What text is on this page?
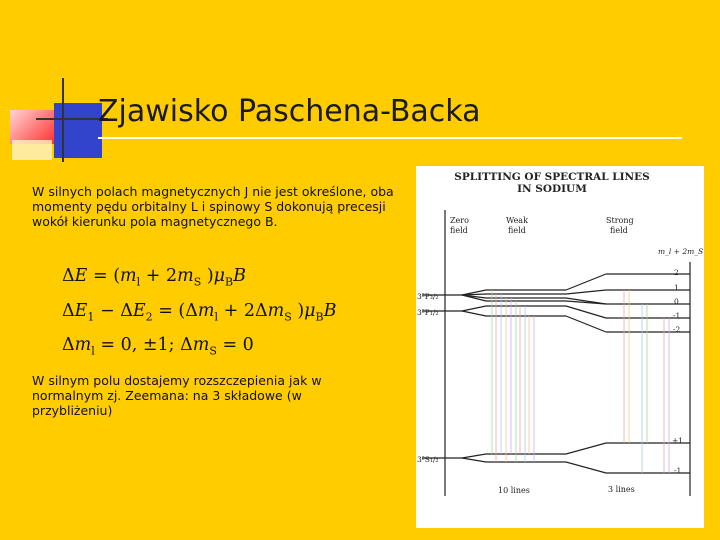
Zjawisko Paschena-Backa
W silnych polach magnetycznych J nie jest określone, oba momenty pędu orbitalny L i spinowy S dokonują precesji wokół kierunku pola magnetycznego B.
$\Delta E = (m_l + 2m_S$ )$\mu_BB$
$\Delta E_1 - \Delta E_2 = (\Delta m_l + 2\Delta m_S$ )$\mu_BB$
$\Delta m_l = 0$, ±1; $\Delta m_S = 0$
W silnym polu dostajemy rozszczepienia jak w normalnym zj. Zeemana: na 3 składowe (w przybliżeniu)
SPLITTING OF SPECTRAL LINES
IN SODIUM
Zero
field
Weak
field
Strong
field
m_l + 2m_S
3²P₃/₂
3²P₁/₂
3²S₁/₂
2
1
0
-1
-2
+1
-1
10 lines	3 lines
